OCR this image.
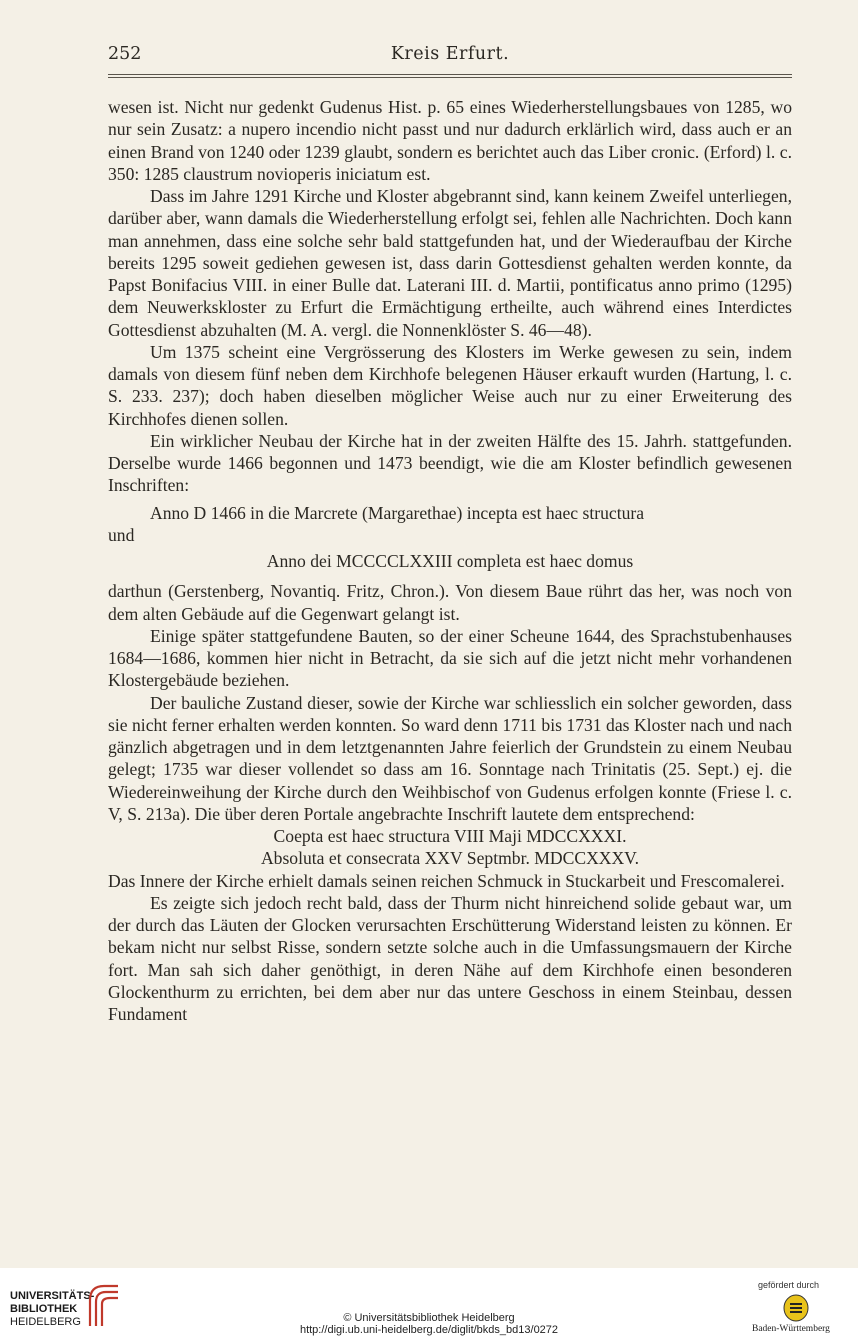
252	Kreis Erfurt.

wesen ist. Nicht nur gedenkt Gudenus Hist. p. 65 eines Wiederherstellungsbaues von 1285, wo nur sein Zusatz: a nupero incendio nicht passt und nur dadurch erklärlich wird, dass auch er an einen Brand von 1240 oder 1239 glaubt, sondern es berichtet auch das Liber cronic. (Erford) l. c. 350: 1285 claustrum novioperis iniciatum est.

Dass im Jahre 1291 Kirche und Kloster abgebrannt sind, kann keinem Zweifel unterliegen, darüber aber, wann damals die Wiederherstellung erfolgt sei, fehlen alle Nachrichten. Doch kann man annehmen, dass eine solche sehr bald stattgefunden hat, und der Wiederaufbau der Kirche bereits 1295 soweit gediehen gewesen ist, dass darin Gottesdienst gehalten werden konnte, da Papst Bonifacius VIII. in einer Bulle dat. Laterani III. d. Martii, pontificatus anno primo (1295) dem Neuwerkskloster zu Erfurt die Ermächtigung ertheilte, auch während eines Interdictes Gottesdienst abzuhalten (M. A. vergl. die Nonnenklöster S. 46—48).

Um 1375 scheint eine Vergrösserung des Klosters im Werke gewesen zu sein, indem damals von diesem fünf neben dem Kirchhofe belegenen Häuser erkauft wurden (Hartung, l. c. S. 233. 237); doch haben dieselben möglicher Weise auch nur zu einer Erweiterung des Kirchhofes dienen sollen.

Ein wirklicher Neubau der Kirche hat in der zweiten Hälfte des 15. Jahrh. stattgefunden. Derselbe wurde 1466 begonnen und 1473 beendigt, wie die am Kloster befindlich gewesenen Inschriften:

Anno D 1466 in die Marcrete (Margarethae) incepta est haec structura

und

Anno dei MCCCCLXXIII completa est haec domus

darthun (Gerstenberg, Novantiq. Fritz, Chron.). Von diesem Baue rührt das her, was noch von dem alten Gebäude auf die Gegenwart gelangt ist.

Einige später stattgefundene Bauten, so der einer Scheune 1644, des Sprachstubenhauses 1684—1686, kommen hier nicht in Betracht, da sie sich auf die jetzt nicht mehr vorhandenen Klostergebäude beziehen.

Der bauliche Zustand dieser, sowie der Kirche war schliesslich ein solcher geworden, dass sie nicht ferner erhalten werden konnten. So ward denn 1711 bis 1731 das Kloster nach und nach gänzlich abgetragen und in dem letztgenannten Jahre feierlich der Grundstein zu einem Neubau gelegt; 1735 war dieser vollendet so dass am 16. Sonntage nach Trinitatis (25. Sept.) ej. die Wiedereinweihung der Kirche durch den Weihbischof von Gudenus erfolgen konnte (Friese l. c. V, S. 213a). Die über deren Portale angebrachte Inschrift lautete dem entsprechend:

Coepta est haec structura VIII Maji MDCCXXXI.

Absoluta et consecrata XXV Septmbr. MDCCXXXV.

Das Innere der Kirche erhielt damals seinen reichen Schmuck in Stuckarbeit und Frescomalerei.

Es zeigte sich jedoch recht bald, dass der Thurm nicht hinreichend solide gebaut war, um der durch das Läuten der Glocken verursachten Erschütterung Widerstand leisten zu können. Er bekam nicht nur selbst Risse, sondern setzte solche auch in die Umfassungsmauern der Kirche fort. Man sah sich daher genöthigt, in deren Nähe auf dem Kirchhofe einen besonderen Glockenthurm zu errichten, bei dem aber nur das untere Geschoss in einem Steinbau, dessen Fundament

UNIVERSITÄTS-
BIBLIOTHEK
HEIDELBERG	© Universitätsbibliothek Heidelberg
http://digi.ub.uni-heidelberg.de/diglit/bkds_bd13/0272
gefördert durch
Baden-Württemberg
